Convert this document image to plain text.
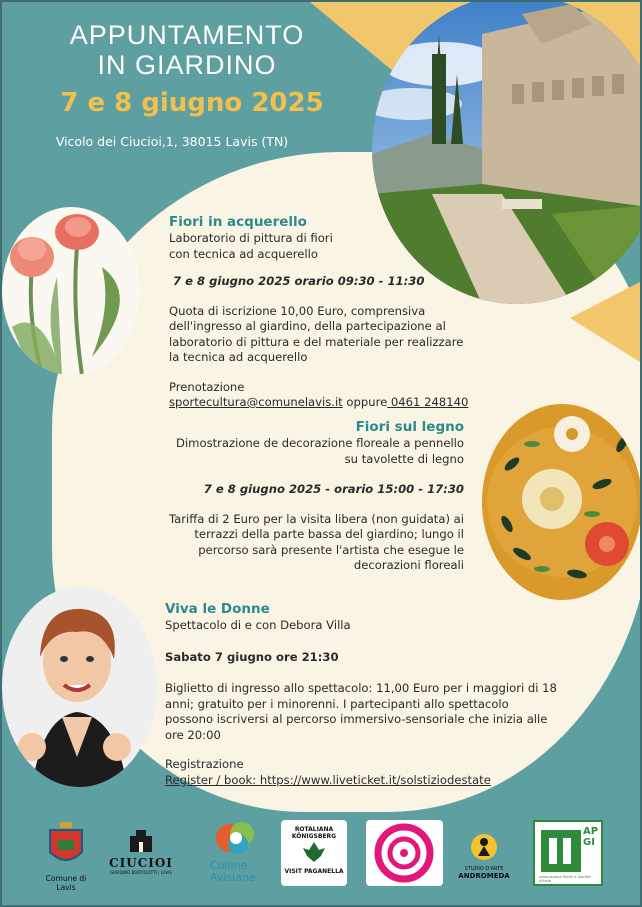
APPUNTAMENTO
IN GIARDINO
7 e 8 giugno 2025
Vicolo dei Ciucioi,1, 38015 Lavis (TN)
Fiori in acquerello
Laboratorio di pittura di fiori
con tecnica ad acquerello
7 e 8 giugno 2025 orario 09:30 - 11:30
Quota di iscrizione 10,00 Euro, comprensiva
dell'ingresso al giardino, della partecipazione al
laboratorio di pittura e del materiale per realizzare
la tecnica ad acquerello
Prenotazione
sportecultura@comunelavis.it oppure 0461 248140
Fiori sul legno
Dimostrazione de decorazione floreale a pennello
su tavolette di legno
7 e 8 giugno 2025 - orario 15:00 - 17:30
Tariffa di 2 Euro per la visita libera (non guidata) ai
terrazzi della parte bassa del giardino; lungo il
percorso sarà presente l'artista che esegue le
decorazioni floreali
Viva le Donne
Spettacolo di e con Debora Villa
Sabato 7 giugno ore 21:30
Biglietto di ingresso allo spettacolo: 11,00 Euro per i maggiori di 18
anni; gratuito per i minorenni. I partecipanti allo spettacolo
possono iscriversi al percorso immersivo-sensoriale che inizia alle
ore 20:00
Registrazione
Register / book: https://www.liveticket.it/solstiziodestate
Comune di Lavis
CIUCIOI
GIARDINO BORTOLOTTI | LAVIS
Colline
Avisiane
ROTALIANA KÖNIGSBERG
VISIT PAGANELLA	STUDIO D'ARTE
ANDROMEDA
APGI
Associazione Parchi e Giardini d'Italia
